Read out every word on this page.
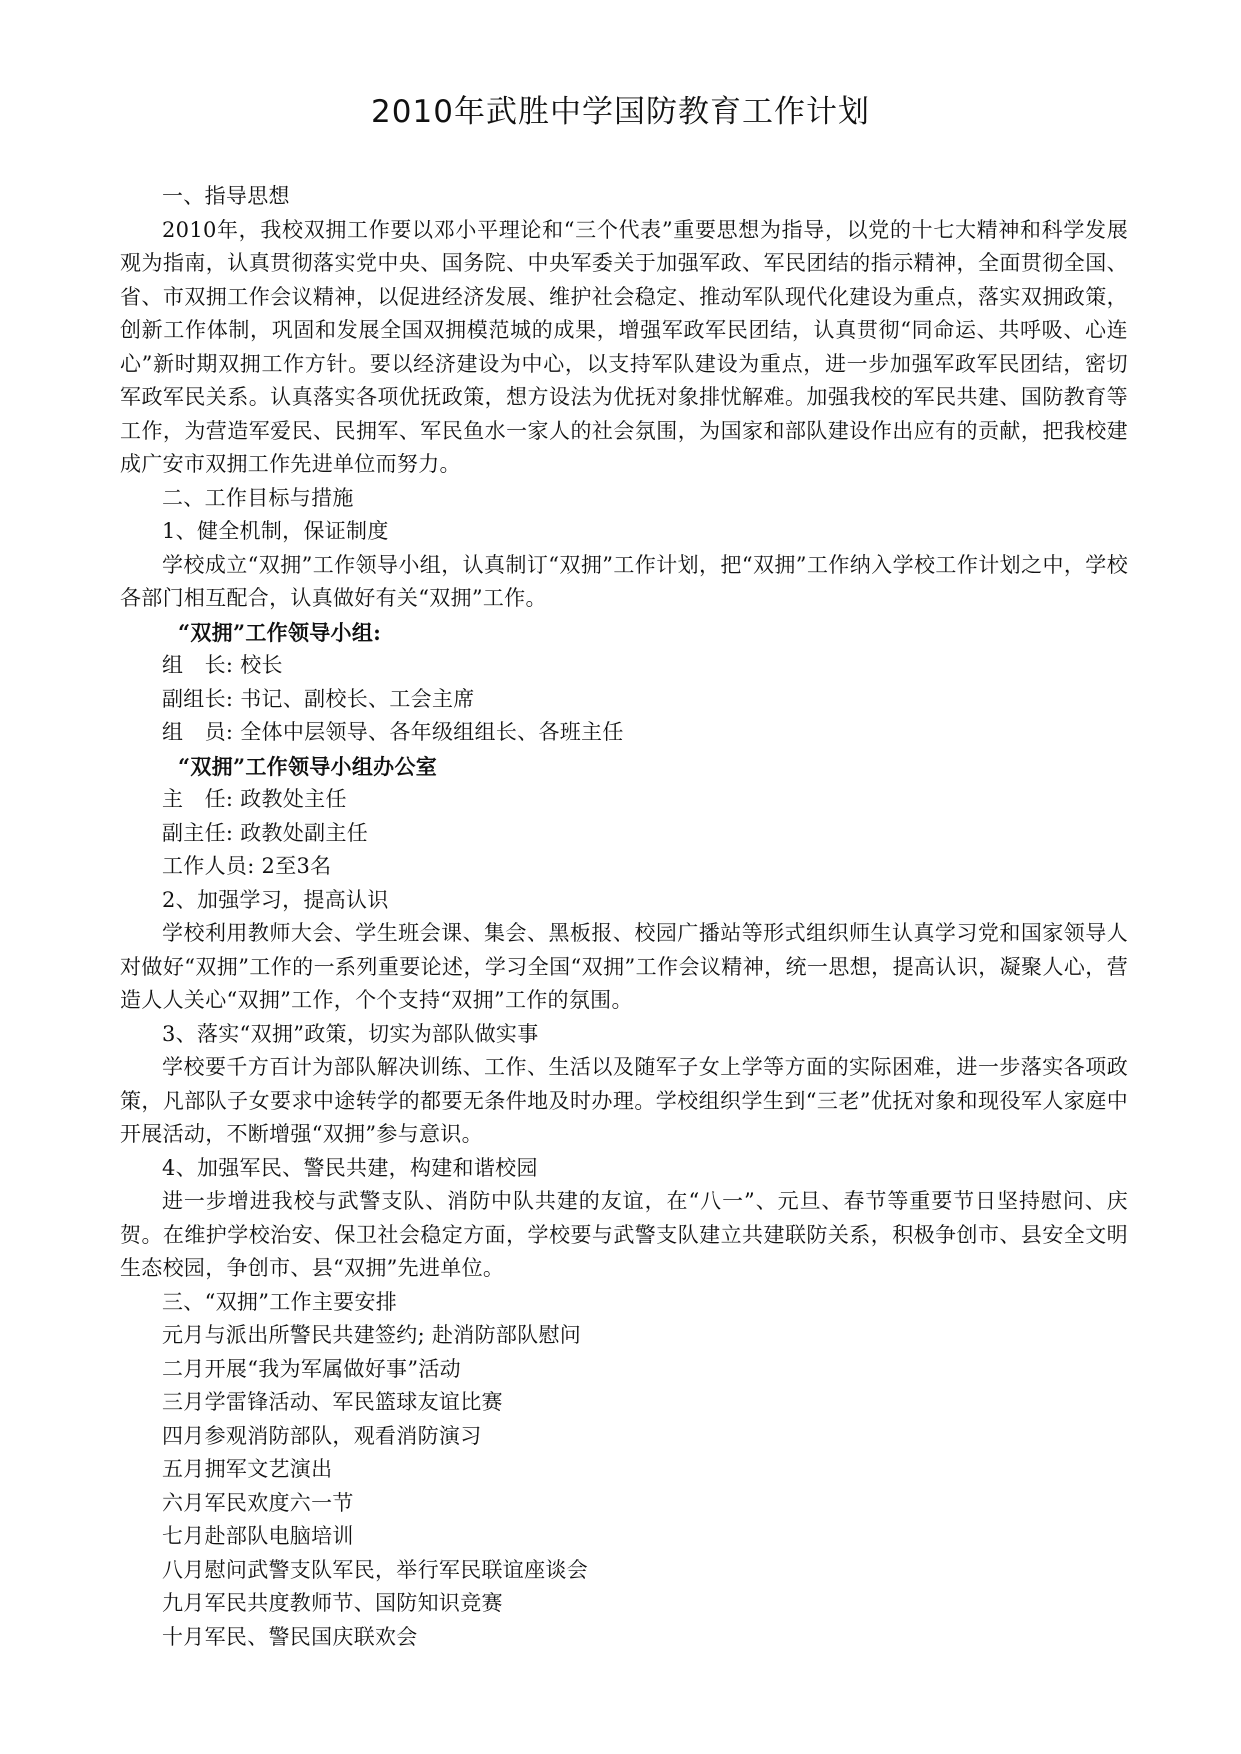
2010年武胜中学国防教育工作计划

一、指导思想

2010年，我校双拥工作要以邓小平理论和“三个代表”重要思想为指导，以党的十七大精神和科学发展观为指南，认真贯彻落实党中央、国务院、中央军委关于加强军政、军民团结的指示精神，全面贯彻全国、省、市双拥工作会议精神，以促进经济发展、维护社会稳定、推动军队现代化建设为重点，落实双拥政策，创新工作体制，巩固和发展全国双拥模范城的成果，增强军政军民团结，认真贯彻“同命运、共呼吸、心连心”新时期双拥工作方针。要以经济建设为中心，以支持军队建设为重点，进一步加强军政军民团结，密切军政军民关系。认真落实各项优抚政策，想方设法为优抚对象排忧解难。加强我校的军民共建、国防教育等工作，为营造军爱民、民拥军、军民鱼水一家人的社会氛围，为国家和部队建设作出应有的贡献，把我校建成广安市双拥工作先进单位而努力。

二、工作目标与措施

1、健全机制，保证制度

学校成立“双拥”工作领导小组，认真制订“双拥”工作计划，把“双拥”工作纳入学校工作计划之中，学校各部门相互配合，认真做好有关“双拥”工作。

“双拥”工作领导小组:

组　长: 校长

副组长: 书记、副校长、工会主席

组　员: 全体中层领导、各年级组组长、各班主任

“双拥”工作领导小组办公室

主　任: 政教处主任

副主任: 政教处副主任

工作人员: 2至3名

2、加强学习，提高认识

学校利用教师大会、学生班会课、集会、黑板报、校园广播站等形式组织师生认真学习党和国家领导人对做好“双拥”工作的一系列重要论述，学习全国“双拥”工作会议精神，统一思想，提高认识，凝聚人心，营造人人关心“双拥”工作，个个支持“双拥”工作的氛围。

3、落实“双拥”政策，切实为部队做实事

学校要千方百计为部队解决训练、工作、生活以及随军子女上学等方面的实际困难，进一步落实各项政策，凡部队子女要求中途转学的都要无条件地及时办理。学校组织学生到“三老”优抚对象和现役军人家庭中开展活动，不断增强“双拥”参与意识。

4、加强军民、警民共建，构建和谐校园

进一步增进我校与武警支队、消防中队共建的友谊，在“八一”、元旦、春节等重要节日坚持慰问、庆贺。在维护学校治安、保卫社会稳定方面，学校要与武警支队建立共建联防关系，积极争创市、县安全文明生态校园，争创市、县“双拥”先进单位。

三、“双拥”工作主要安排

元月与派出所警民共建签约; 赴消防部队慰问

二月开展“我为军属做好事”活动

三月学雷锋活动、军民篮球友谊比赛

四月参观消防部队，观看消防演习

五月拥军文艺演出

六月军民欢度六一节

七月赴部队电脑培训

八月慰问武警支队军民，举行军民联谊座谈会

九月军民共度教师节、国防知识竞赛

十月军民、警民国庆联欢会
